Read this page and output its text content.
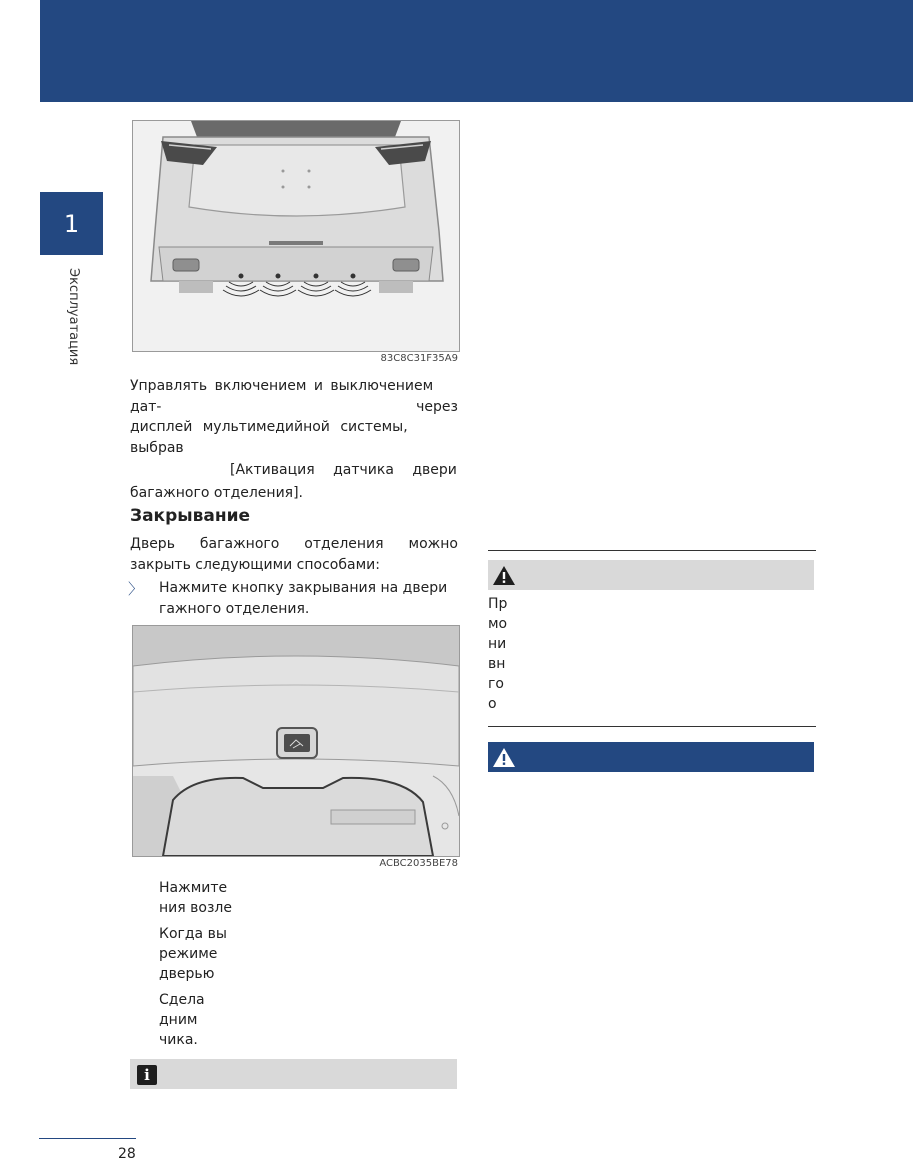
1
Эксплуатация	83C8C31F35A9
Управлять включением и выключением дат-	через
дисплей мультимедийной системы, выбрав
[Активация датчика двери
багажного отделения].
Закрывание
Дверь багажного отделения можно закрыть следующими способами:
〉 Нажмите кнопку закрывания на двери гажного отделения.
ACBC2035BE78
Нажмите
ния возле
Когда вы
режиме
дверью
Сдела
дним
чика.
i
Пр
мо
ни
вн
го
о
28
